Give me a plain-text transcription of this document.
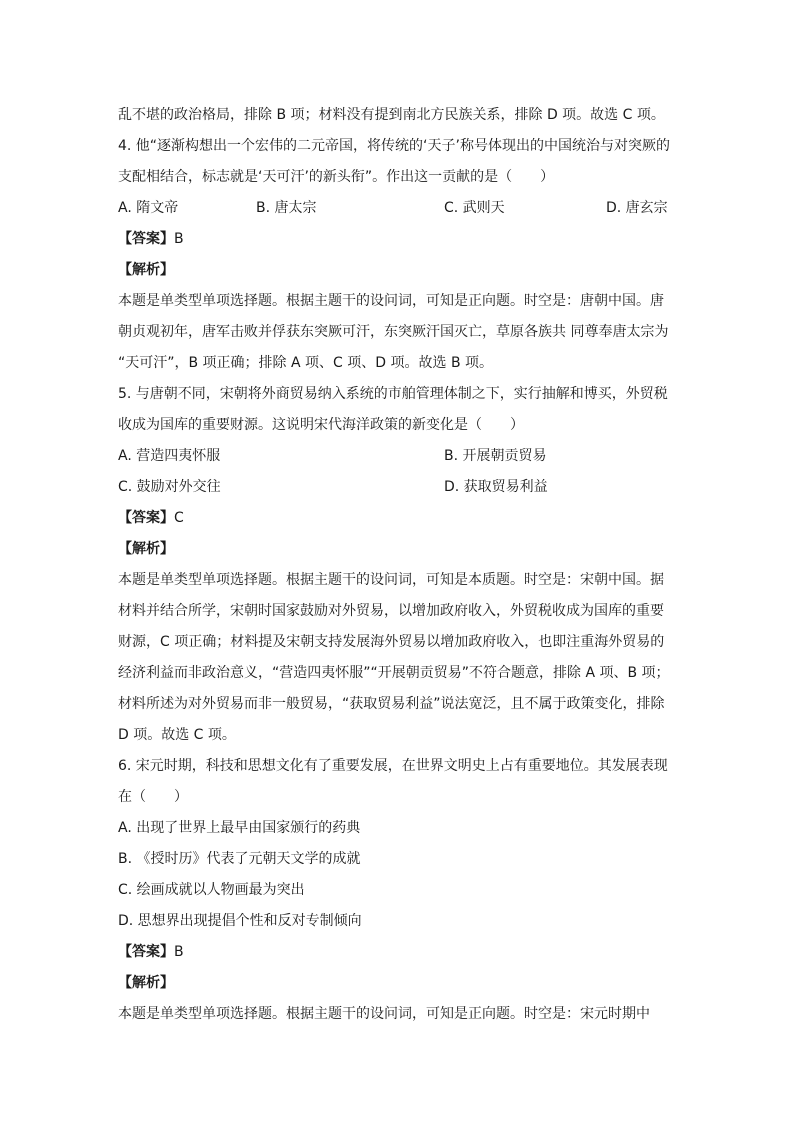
乱不堪的政治格局，排除 B 项；材料没有提到南北方民族关系，排除 D 项。故选 C 项。
4. 他“逐渐构想出一个宏伟的二元帝国，将传统的‘天子’称号体现出的中国统治与对突厥的
支配相结合，标志就是‘天可汗’的新头衔”。作出这一贡献的是（　　）
A. 隋文帝	B. 唐太宗	C. 武则天	D. 唐玄宗
【答案】B
【解析】
本题是单类型单项选择题。根据主题干的设问词，可知是正向题。时空是：唐朝中国。唐
朝贞观初年，唐军击败并俘获东突厥可汗，东突厥汗国灭亡，草原各族共 同尊奉唐太宗为
“天可汗”，B 项正确；排除 A 项、C 项、D 项。故选 B 项。
5. 与唐朝不同，宋朝将外商贸易纳入系统的市舶管理体制之下，实行抽解和博买，外贸税
收成为国库的重要财源。这说明宋代海洋政策的新变化是（　　）
A. 营造四夷怀服	B. 开展朝贡贸易
C. 鼓励对外交往	D. 获取贸易利益
【答案】C
【解析】
本题是单类型单项选择题。根据主题干的设问词，可知是本质题。时空是：宋朝中国。据
材料并结合所学，宋朝时国家鼓励对外贸易，以增加政府收入，外贸税收成为国库的重要
财源，C 项正确；材料提及宋朝支持发展海外贸易以增加政府收入，也即注重海外贸易的
经济利益而非政治意义，“营造四夷怀服”“开展朝贡贸易”不符合题意，排除 A 项、B 项；
材料所述为对外贸易而非一般贸易，“获取贸易利益”说法宽泛，且不属于政策变化，排除
D 项。故选 C 项。
6. 宋元时期，科技和思想文化有了重要发展，在世界文明史上占有重要地位。其发展表现
在（　　）
A. 出现了世界上最早由国家颁行的药典
B. 《授时历》代表了元朝天文学的成就
C. 绘画成就以人物画最为突出
D. 思想界出现提倡个性和反对专制倾向
【答案】B
【解析】
本题是单类型单项选择题。根据主题干的设问词，可知是正向题。时空是：宋元时期中
